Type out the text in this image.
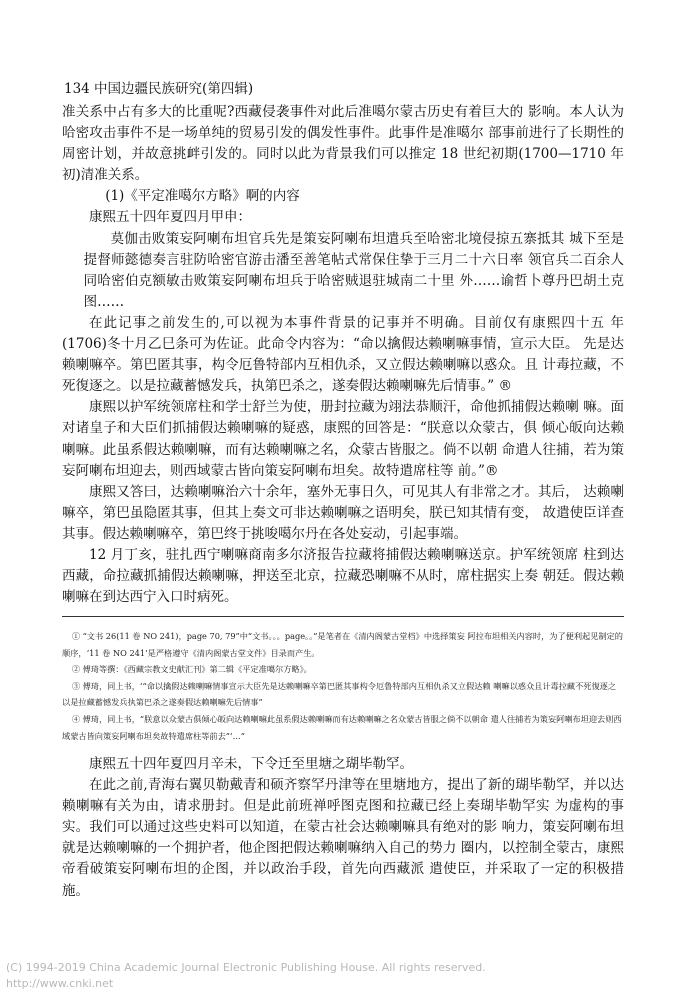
134 中国边疆民族研究(第四辑)

准关系中占有多大的比重呢?西藏侵袭事件对此后准噶尔蒙古历史有着巨大的 影响。本人认为哈密攻击事件不是一场单纯的贸易引发的偶发性事件。此事件是准噶尔 部事前进行了长期性的周密计划，并故意挑衅引发的。同时以此为背景我们可以推定 18 世纪初期(1700—1710 年初)清准关系。

(1)《平定准噶尔方略》啊的内容

康熙五十四年夏四月甲申：

莫伽击败策妄阿喇布坦官兵先是策妄阿喇布坦遣兵至哈密北境侵掠五寨抵其 城下至是提督师懿德奏言驻防哈密官游击潘至善笔帖式常保住挚于三月二十六日率 领官兵二百余人同哈密伯克额敏击败策妄阿喇布坦兵于哈密贼退驻城南二十里 外……谕哲卜尊丹巴胡土克图……

在此记事之前发生的,可以视为本事件背景的记事并不明确。目前仅有康熙四十五 年(1706)冬十月乙巳条可为佐证。此命令内容为：“命以擒假达赖喇嘛事情，宣示大臣。 先是达赖喇嘛卒。第巴匿其事，构令厄鲁特部内互相仇杀，又立假达赖喇嘛以惑众。且 计毒拉藏，不死復逐之。以是拉藏蓄憾发兵，执第巴杀之，遂奏假达赖喇嘛先后情事。” ®

康熙以护军统领席柱和学士舒兰为使，册封拉藏为翊法恭顺汗，命他抓捕假达赖喇 嘛。面对诸皇子和大臣们抓捕假达赖喇嘛的疑惑，康熙的回答是：“朕意以众蒙古，俱 倾心皈向达赖喇嘛。此虽系假达赖喇嘛，而有达赖喇嘛之名，众蒙古皆服之。倘不以朝 命遣人往捕，若为策妄阿喇布坦迎去，则西域蒙古皆向策妄阿喇布坦矣。故特遣席柱等 前。”®

康熙又答曰，达赖喇嘛治六十余年，塞外无事日久，可见其人有非常之才。其后， 达赖喇嘛卒，第巴虽隐匿其事，但其上奏文可非达赖喇嘛之语明矣，朕已知其情有变， 故遣使臣详查其事。假达赖喇嘛卒，第巴终于挑唆噶尔丹在各处妄动，引起事端。

12 月丁亥，驻扎西宁喇嘛商南多尔济报告拉藏将捕假达赖喇嘛送京。护军统领席 柱到达西藏，命拉藏抓捕假达赖喇嘛，押送至北京，拉藏恐喇嘛不从时，席柱据实上奏 朝廷。假达赖喇嘛在到达西宁入口时病死。

① “文书 26(11 卷 NO 241)，page 70, 79”中“文书。。。page。。”是笔者在《清内阁蒙古堂档》中选择策妄 阿拉布坦相关内容时，为了便利起见制定的顺序，‘11 卷 NO 241’是严格遵守《清内阁蒙古堂文件》目录而产生。

② 傅琦等撰：《西藏宗教文史献汇刊》第二辑《平定准噶尔方略》。

③ 傅琦，同上书，‘“命以擒假达赖喇嘛情事宣示大臣先是达赖喇嘛卒第巴匿其事构令厄鲁特部内互相仇杀又立假达赖 喇嘛以惑众且计毒拉藏不死復逐之以是拉藏蓄憾发兵执第巴杀之遂奏假达赖喇嘛先后情事”

④ 傅琦，同上书，“朕意以众蒙古俱倾心皈向达赖喇嘛此虽系假达赖喇嘛而有达赖喇嘛之名众蒙古皆服之倘不以朝命 遣人往捕若为策妄阿喇布坦迎去则西域蒙古皆向策妄阿喇布坦矣故特遣席柱等前去”‘…”

康熙五十四年夏四月辛未，下令迁至里塘之瑚毕勒罕。

在此之前,青海右翼贝勒戴青和硕齐察罕丹津等在里塘地方，提出了新的瑚毕勒罕，并以达赖喇嘛有关为由，请求册封。但是此前班禅呼图克图和拉藏已经上奏瑚毕勒罕实 为虚构的事实。我们可以通过这些史料可以知道，在蒙古社会达赖喇嘛具有绝对的影 响力，策妄阿喇布坦就是达赖喇嘛的一个拥护者，他企图把假达赖喇嘛纳入自己的势力 圈内，以控制全蒙古，康熙帝看破策妄阿喇布坦的企图，并以政治手段，首先向西藏派 遣使臣，并采取了一定的积极措施。

(C) 1994-2019 China Academic Journal Electronic Publishing House. All rights reserved.
http://www.cnki.net
